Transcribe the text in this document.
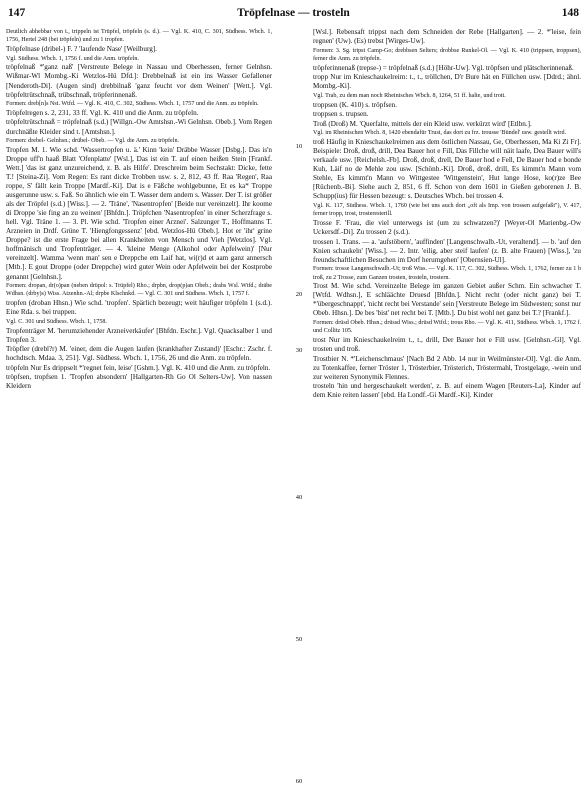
147	Tröpfelnase — trosteln	148

Deutlich abhebbar von t., trippeln ist Trüpfel, tröpfeln (s. d.). — Vgl. K. 410, C. 301, Südhess. Wbch. 1, 1756, Hertel 248 (bei tröpfeln) und zu 1 tropfen.

Tröpfelnase (dribel-) F. ? 'laufende Nase' [Weilburg].

Vgl. Südhess. Wbch. 1, 1756 f. und die Anm. tröpfeln.

tröpfelnaß *'ganz naß' [Verstreute Belege in Nassau und Oberhessen, ferner Gelnhsn. Wißmar-Wl Mombg.-Ki Wetzlos-Hü Dfd.]: Drebbelnaß ist ein ins Wasser Gefallener [Nenderoth-Di]. (Augen sind) drebbilnaß 'ganz feucht vor dem Weinen' [Wett.]. Vgl. tröpfeltrütschnaß, trübschnaß, tröpferinnenaß.

Formen: dreb[n]s Nst. Wtfd. — Vgl. K. 410, C. 302, Südhess. Wbch. 1, 1757 und die Anm. zu tröpfeln.

Tröpfelregen s. 2, 231, 33 ff. Vgl. K. 410 und die Anm. zu tröpfeln.

tröpfeltrütschnaß = tröpfelnaß (s.d.) [Willgn.-Ow Amtshsn.-Wi Gelnhsn. Obeb.]. Vom Regen durchnäßte Kleider sind t. [Amtshsn.].

Formen: drebel- Gelnhsn.; drübel- Obeb. — Vgl. die Anm. zu tröpfeln.

Tropfen M. 1. Wie schd. 'Wassertropfen u. ä.' Kinn 'kein' Dräbbe Wasser [Dsbg.]. Das is'n Droppe uff'n haaß Blatt 'Ofenplatte' [Wsl.], Das ist ein T. auf einen heißen Stein [Frankf. Wett.] 'das ist ganz unzureichend, z. B. als Hilfe'. Dreschreim beim Sechstakt: Dicke, fette T.! [Steina-Zi]. Vom Regen: Es rant dicke Trobben usw. s. 2, 812, 43 ff. Raa 'Regen', Raa roppe, S' fällt kein Troppe [Mardf.-Ki]. Dat is e Fäßche wohlgebunne, Et es ka* Troppe ausgerunne usw. s. Faß. So ähnlich wie ein T. Wasser dem andern s. Wasser. Der T. ist größer als der Tröpfel (s.d.) [Wiss.]. — 2. 'Träne', 'Nasentropfen' [Beide nur vereinzelt]. Ihr koome di Droppe 'sie fing an zu weinen' [Bhfdn.]. Tröpfchen 'Nasentropfen' in einer Scherzfrage s. hell. Vgl. Träne 1. — 3. Pl. Wie schd. 'Tropfen einer Arznei'. Salzunger T., Hoffmanns T. Arzneien in Drdf. Grüne T. 'Hiengfongessenz' [ebd. Wetzlos-Hü Obeb.]. Hot er 'ihr' grine Droppe? ist die erste Frage bei allen Krankheiten von Mensch und Vieh [Wetzlos]. Vgl. hoffmänisch und Tropfenträger. — 4. 'kleine Menge (Alkohol oder Apfelwein)' [Nur vereinzelt]. Wamma 'wenn man' sen e Dreppche em Laif hat, wi(r)d et aam ganz annersch [Mtb.]. E gout Droppe (oder Dreppche) wird guter Wein oder Apfelwein bei der Kostprobe genannt [Gelnhsn.].

Formen: dropan, dr(o)pan (neben drüpol: s. Trüpfel) Rho.; drpbn, drop(p)an Obeb.; drabs Wsl. Wtfd.; dräbe Wdhsn. (drby)s) Wiss. Atzenhn.-Al; drpbe Klschnkd. — Vgl. C. 301 und Südhess. Wbch. 1, 1757 f.

tropfen (droban Hhsn.) Wie schd. 'tropfen'. Spärlich bezeugt; weit häufiger tröpfeln 1 (s.d.). Eine Rda. s. bei truppen.

Vgl. C. 301 und Südhess. Wbch. 1, 1758.

Tropfenträger M. 'herumziehender Arzneiverkäufer' [Bhfdn. Eschr.]. Vgl. Quacksalber 1 und Tropfen 3.

Tröpfler (drebl?r) M. 'einer, dem die Augen laufen (krankhafter Zustand)' [Eschr.: Zschr. f. hochdtsch. Mdaa. 3, 251]. Vgl. Südhess. Wbch. 1, 1756, 26 und die Anm. zu tröpfeln.

tröpfeln Nur Es drippselt *'regnet fein, leise' [Gshm.]. Vgl. K. 410 und die Anm. zu tröpfeln.

tröpfsen, tropfsen 1. 'Tropfen absondern' [Hallgarten-Rh Go Ol Selters-Uw]. Von nassen Kleidern

[Wsl.]. Rebensaft trippst nach dem Schneiden der Rebe [Hallgarten]. — 2. *'leise, fein regnen' (Uw). (Es) trebst [Wirges-Uw].

Formen: 3. Sg. tripst Camp-Go; drebbsen Selters; drobbse Runkel-Ol. — Vgl. K. 410 (trippsen, troppsen), ferner die Anm. zu tröpfeln.

tröpferinnenaß (trepse-) = tröpfelnaß (s.d.) [Höhr-Uw]. Vgl. tröpfsen und plätscherinnenaß.

tropp Nur im Knieschaukelreim: t., t., tröllchen, D'r Bure hät en Füllchen usw. [Ddrd.; ähnl. Mombg.-Ki].

Vgl. Trab, zu dem man noch Rheinisches Wbch. 8, 1264, 51 ff. halte, und trott.

troppsen (K. 410) s. tröpfsen.

troppsen s. trupsen.

Troß (Droß) M. 'Querfalte, mittels der ein Kleid usw. verkürzt wird' [Etlbn.].

Vgl. im Rheinischen Wbch. 8, 1420 ebendafür Trust, das dort zu frz. trousse 'Bündel' usw. gestellt wird.

troß Häufig in Knieschaukelreimen aus dem östlichen Nassau, Ge, Oberhessen, Ma Ki Zi Fr]. Beispiele: Droß, droß, drill, Dea Bauer hot e Fill, Das Fillche will näit laafe, Dea Bauer will's verkaafe usw. [Reichelsh.-Fb]. Droß, droß, drell, De Bauer hod e Fell, De Bauer hod e bonde Kuh, Läif no de Mehle zou usw. [Schönb.-Ki]. Droß, droß, drill, Es kimmt'n Mann vom Stehle, Es kimmt'n Mann vo Wittgestee 'Wittgenstein', Hut lange Hose, ko(r)ze Bee [Rüchenb.-Bi]. Siehe auch 2, 851, 6 ff. Schon von dem 1601 in Gießen geborenen J. B. Schupp(ius) für Hessen bezeugt: s. Deutsches Wbch. bei trossen 4.

Vgl. K. 117, Südhess. Wbch. 1, 1760 (wie bei uns auch dort „oft als Imp. von trossen aufgefaßt"), V. 417, ferner tropp, trost, trosteresterill.

Trosse F. 'Frau, die viel unterwegs ist (um zu schwatzen?)' [Weyer-Ol Marienbg.-Ow Uckersdf.-Di]. Zu trossen 2 (s.d.).

trossen 1. Trans. — a. 'aufstöbern', 'auffinden' [Langenschwalb.-Ut, veraltend]. — b. 'auf den Knien schaukeln' [Wiss.]. — 2. Intr. 'eilig, aber steif laufen' (z. B. alte Frauen) [Wiss.], 'zu freundschaftlichen Besuchen im Dorf herumgehen' [Obernsien-Ul].

Formen: trosse Langenschwalb.-Ut; troß Wiss. — Vgl. K. 117, C. 302, Südhess. Wbch. 1, 1762, ferner zu 1 b troß, zu 2 Trosse, zum Ganzen trosten, trosteln, trostern.

Trost M. Wie schd. Vereinzelte Belege im ganzen Gebiet außer Schm. Ein schwacher T. [Wtfd. Wdhsn.], E schläächte Druesd [Bhfdn.]. Nicht recht (oder nicht ganz) bei T. *'übergeschnappt', 'nicht recht bei Verstande' sein [Verstreute Belege im Südwesten; sonst nur Obeb. Hhsn.]. De bes 'bist' net recht bei T. [Mtb.]. Du bist wohl net ganz bei T.? [Frankf.].

Formen: drüsd Obeb. Hhsn.; drüssd Wiss.; drüsd Wtfd.; trous Rho. — Vgl. K. 411, Südhess. Wbch. 1, 1762 f. und Collitz 105.

trost Nur im Knieschaukelreim t., t., drill, Der Bauer hot e Fill usw. [Gelnhsn.-Gl]. Vgl. trosten und troß.

Trostbier N. *'Leichenschmaus' [Nach Bd 2 Abb. 14 nur in Weilmünster-Ol]. Vgl. die Anm. zu Totenkaffee, ferner Tröster 1, Trösterbier, Trösterich, Tröstermahl, Trostgelage, -wein und zur weiteren Synonymik Flennes.

trosteln 'hin und hergeschaukelt werden', z. B. auf einem Wagen [Reuters-La], Kinder auf dem Knie reiten lassen' [ebd. Ha Londf.-Gi Mardf.-Ki]. Kinder

10
20
30
40
50
60
